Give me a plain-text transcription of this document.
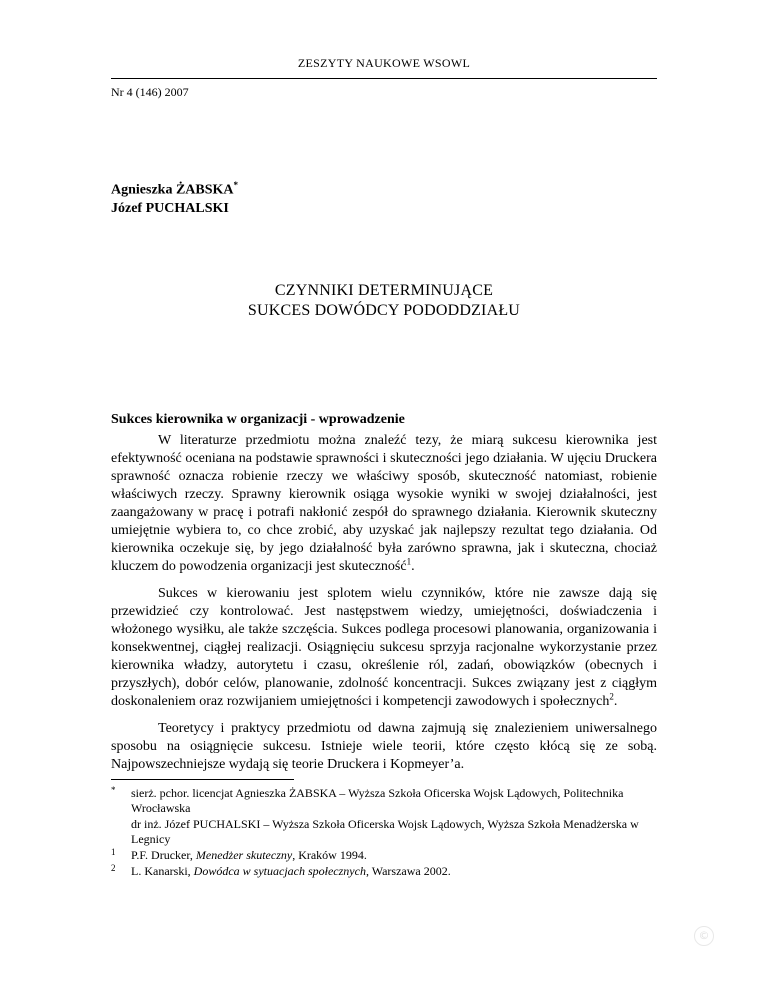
ZESZYTY NAUKOWE WSOWL
Nr 4 (146) 2007
Agnieszka ŻABSKA*
Józef PUCHALSKI
CZYNNIKI DETERMINUJĄCE
SUKCES DOWÓDCY PODODDZIAŁU
Sukces kierownika w organizacji - wprowadzenie

W literaturze przedmiotu można znaleźć tezy, że miarą sukcesu kierownika jest efektywność oceniana na podstawie sprawności i skuteczności jego działania. W ujęciu Druckera sprawność oznacza robienie rzeczy we właściwy sposób, skuteczność natomiast, robienie właściwych rzeczy. Sprawny kierownik osiąga wysokie wyniki w swojej działalności, jest zaangażowany w pracę i potrafi nakłonić zespół do sprawnego działania. Kierownik skuteczny umiejętnie wybiera to, co chce zrobić, aby uzyskać jak najlepszy rezultat tego działania. Od kierownika oczekuje się, by jego działalność była zarówno sprawna, jak i skuteczna, chociaż kluczem do powodzenia organizacji jest skuteczność$^1$.

Sukces w kierowaniu jest splotem wielu czynników, które nie zawsze dają się przewidzieć czy kontrolować. Jest następstwem wiedzy, umiejętności, doświadczenia i włożonego wysiłku, ale także szczęścia. Sukces podlega procesowi planowania, organizowania i konsekwentnej, ciągłej realizacji. Osiągnięciu sukcesu sprzyja racjonalne wykorzystanie przez kierownika władzy, autorytetu i czasu, określenie ról, zadań, obowiązków (obecnych i przyszłych), dobór celów, planowanie, zdolność koncentracji. Sukces związany jest z ciągłym doskonaleniem oraz rozwijaniem umiejętności i kompetencji zawodowych i społecznych$^2$.

Teoretycy i praktycy przedmiotu od dawna zajmują się znalezieniem uniwersalnego sposobu na osiągnięcie sukcesu. Istnieje wiele teorii, które często kłócą się ze sobą. Najpowszechniejsze wydają się teorie Druckera i Kopmeyer’a.

* sierż. pchor. licencjat Agnieszka ŻABSKA – Wyższa Szkoła Oficerska Wojsk Lądowych, Politechnika Wrocławska
dr inż. Józef PUCHALSKI – Wyższa Szkoła Oficerska Wojsk Lądowych, Wyższa Szkoła Menadżerska w Legnicy
1 P.F. Drucker, Menedżer skuteczny, Kraków 1994.
2 L. Kanarski, Dowódca w sytuacjach społecznych, Warszawa 2002.
©
